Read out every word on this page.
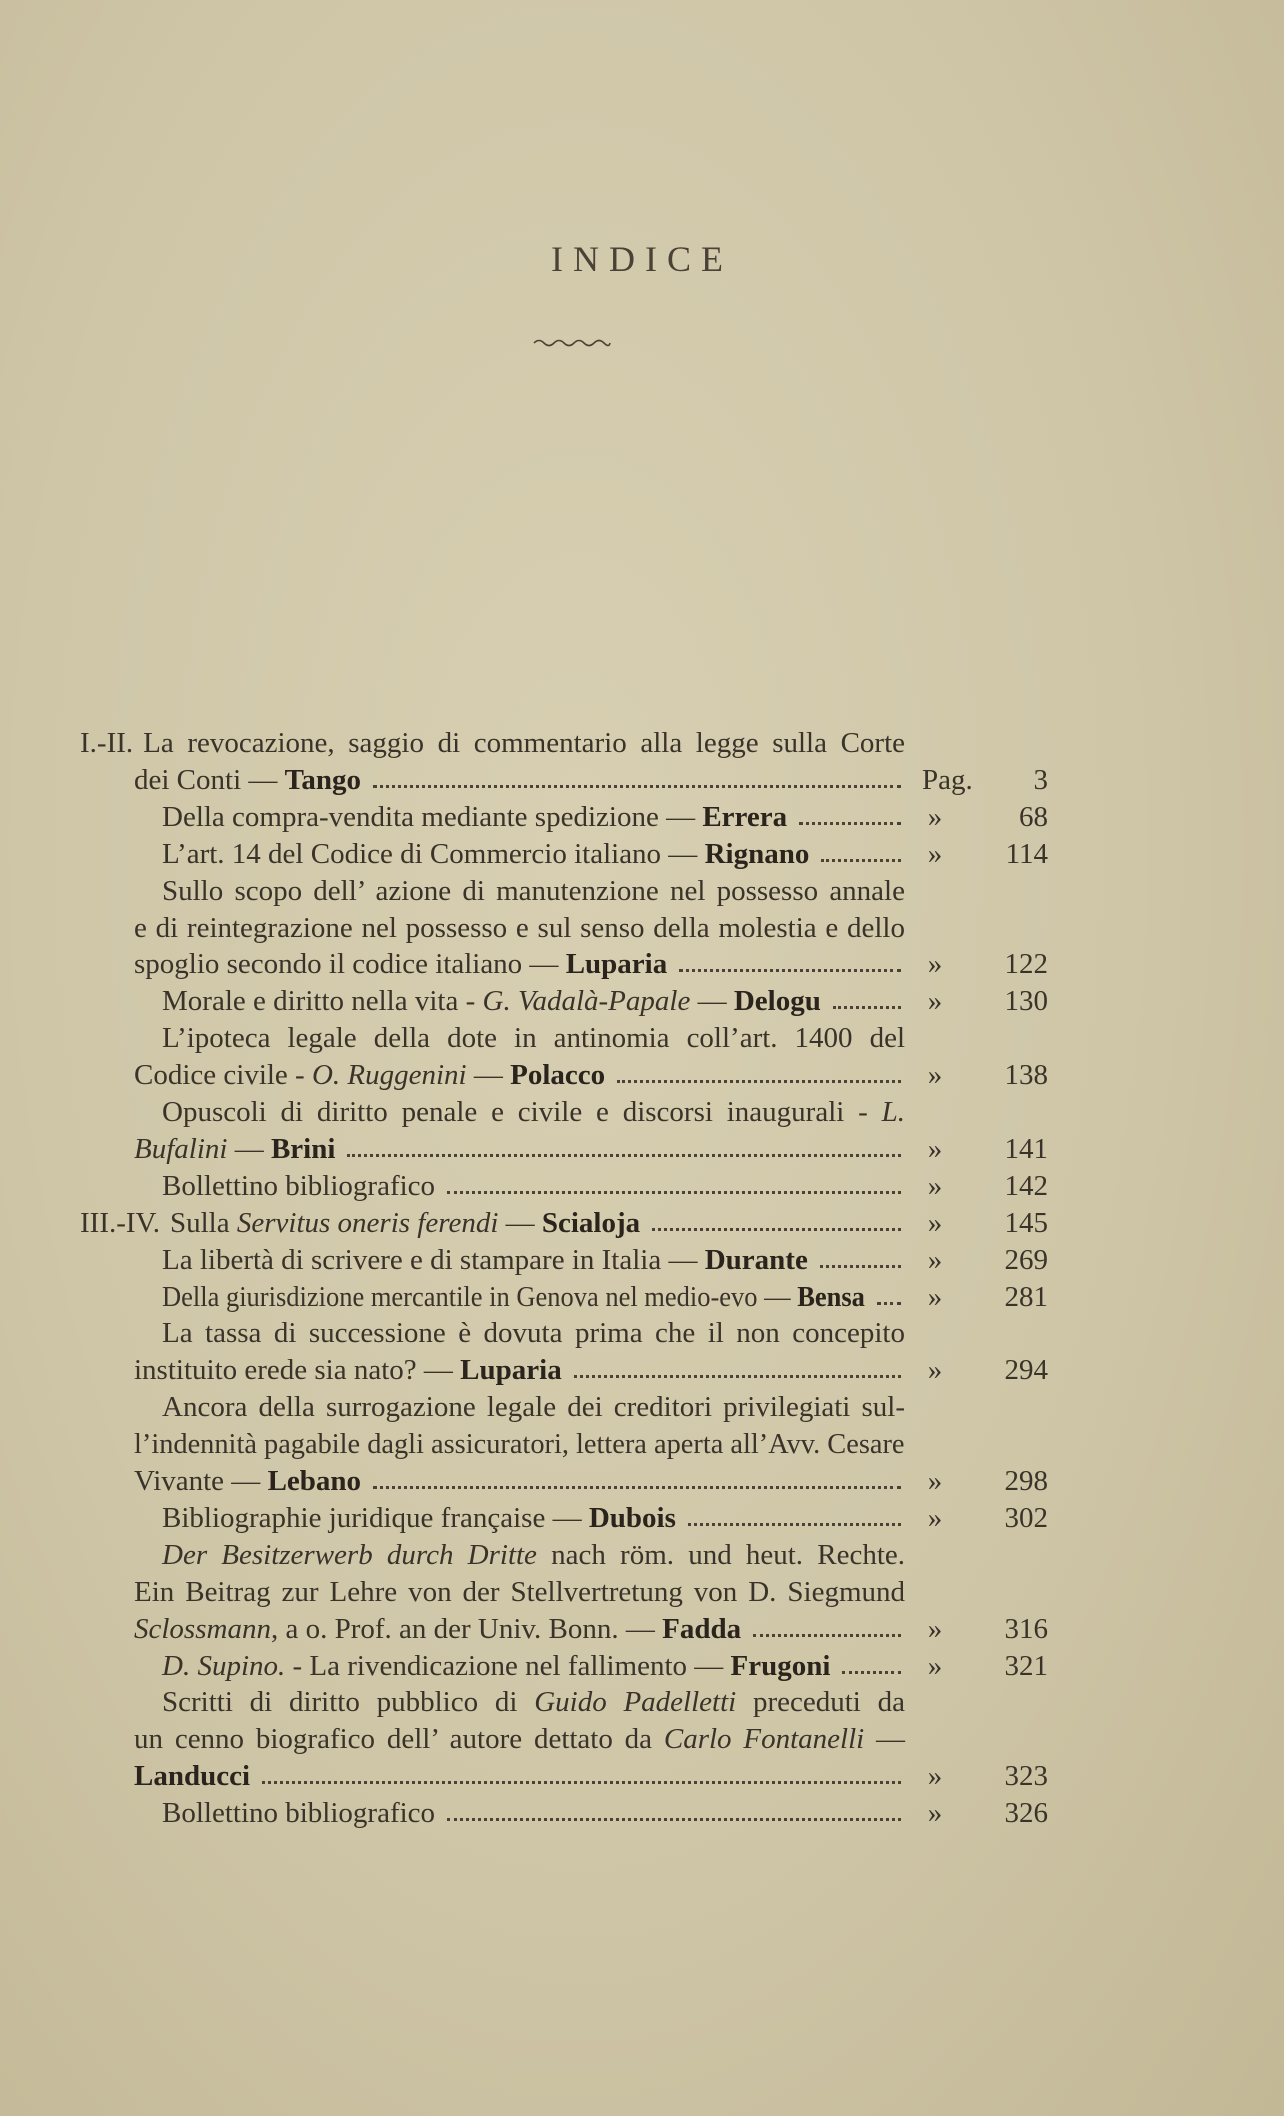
INDICE
I.-II. La revocazione, saggio di commentario alla legge sulla Corte
dei Conti — Tango	Pag.	3
Della compra-vendita mediante spedizione — Errera	»	68
L’art. 14 del Codice di Commercio italiano — Rignano	»	114
Sullo scopo dell’ azione di manutenzione nel possesso annale
e di reintegrazione nel possesso e sul senso della molestia e dello
spoglio secondo il codice italiano — Luparia	»	122
Morale e diritto nella vita - G. Vadalà-Papale — Delogu	»	130
L’ipoteca legale della dote in antinomia coll’art. 1400 del
Codice civile - O. Ruggenini — Polacco	»	138
Opuscoli di diritto penale e civile e discorsi inaugurali - L.
Bufalini — Brini	»	141
Bollettino bibliografico	»	142
III.-IV. Sulla Servitus oneris ferendi — Scialoja	»	145
La libertà di scrivere e di stampare in Italia — Durante	»	269
Della giurisdizione mercantile in Genova nel medio-evo — Bensa »	281
La tassa di successione è dovuta prima che il non concepito
instituito erede sia nato? — Luparia	»	294
Ancora della surrogazione legale dei creditori privilegiati sul-
l’indennità pagabile dagli assicuratori, lettera aperta all’Avv. Cesare
Vivante — Lebano	»	298
Bibliographie juridique française — Dubois	»	302
Der Besitzerwerb durch Dritte nach röm. und heut. Rechte.
Ein Beitrag zur Lehre von der Stellvertretung von D. Siegmund
Sclossmann, a o. Prof. an der Univ. Bonn. — Fadda	»	316
D. Supino. - La rivendicazione nel fallimento — Frugoni	»	321
Scritti di diritto pubblico di Guido Padelletti preceduti da
un cenno biografico dell’ autore dettato da Carlo Fontanelli —
Landucci	»	323
Bollettino bibliografico	»	326
